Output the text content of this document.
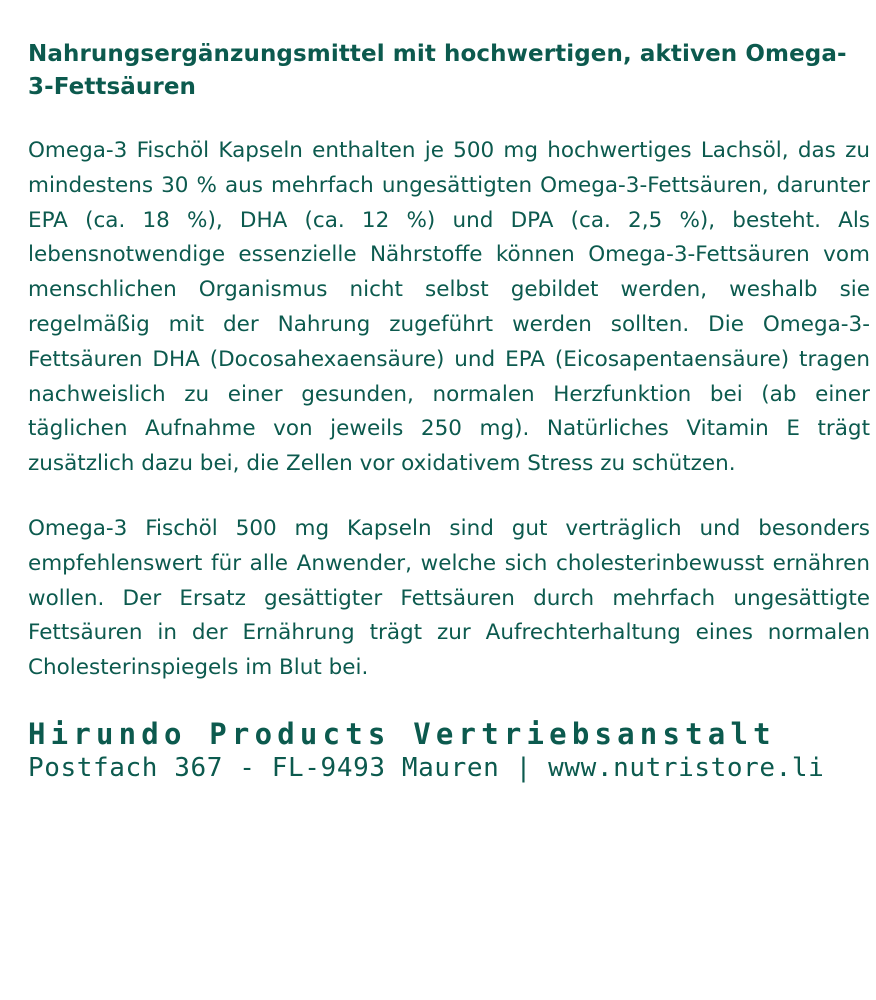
Nahrungsergänzungsmittel mit hochwertigen, aktiven Omega-3-Fettsäuren

Omega-3 Fischöl Kapseln enthalten je 500 mg hochwertiges Lachsöl, das zu mindestens 30 % aus mehrfach ungesättigten Omega-3-Fettsäuren, darunter EPA (ca. 18 %), DHA (ca. 12 %) und DPA (ca. 2,5 %), besteht. Als lebensnotwendige essenzielle Nährstoffe können Omega-3-Fettsäuren vom menschlichen Organismus nicht selbst gebildet werden, weshalb sie regelmäßig mit der Nahrung zugeführt werden sollten. Die Omega-3-Fettsäuren DHA (Docosahexaensäure) und EPA (Eicosapentaensäure) tragen nachweislich zu einer gesunden, normalen Herzfunktion bei (ab einer täglichen Aufnahme von jeweils 250 mg). Natürliches Vitamin E trägt zusätzlich dazu bei, die Zellen vor oxidativem Stress zu schützen.

Omega-3 Fischöl 500 mg Kapseln sind gut verträglich und besonders empfehlenswert für alle Anwender, welche sich cholesterinbewusst ernähren wollen. Der Ersatz gesättigter Fettsäuren durch mehrfach ungesättigte Fettsäuren in der Ernährung trägt zur Aufrechterhaltung eines normalen Cholesterinspiegels im Blut bei.

Hirundo Products Vertriebsanstalt
Postfach 367 - FL-9493 Mauren | www.nutristore.li
